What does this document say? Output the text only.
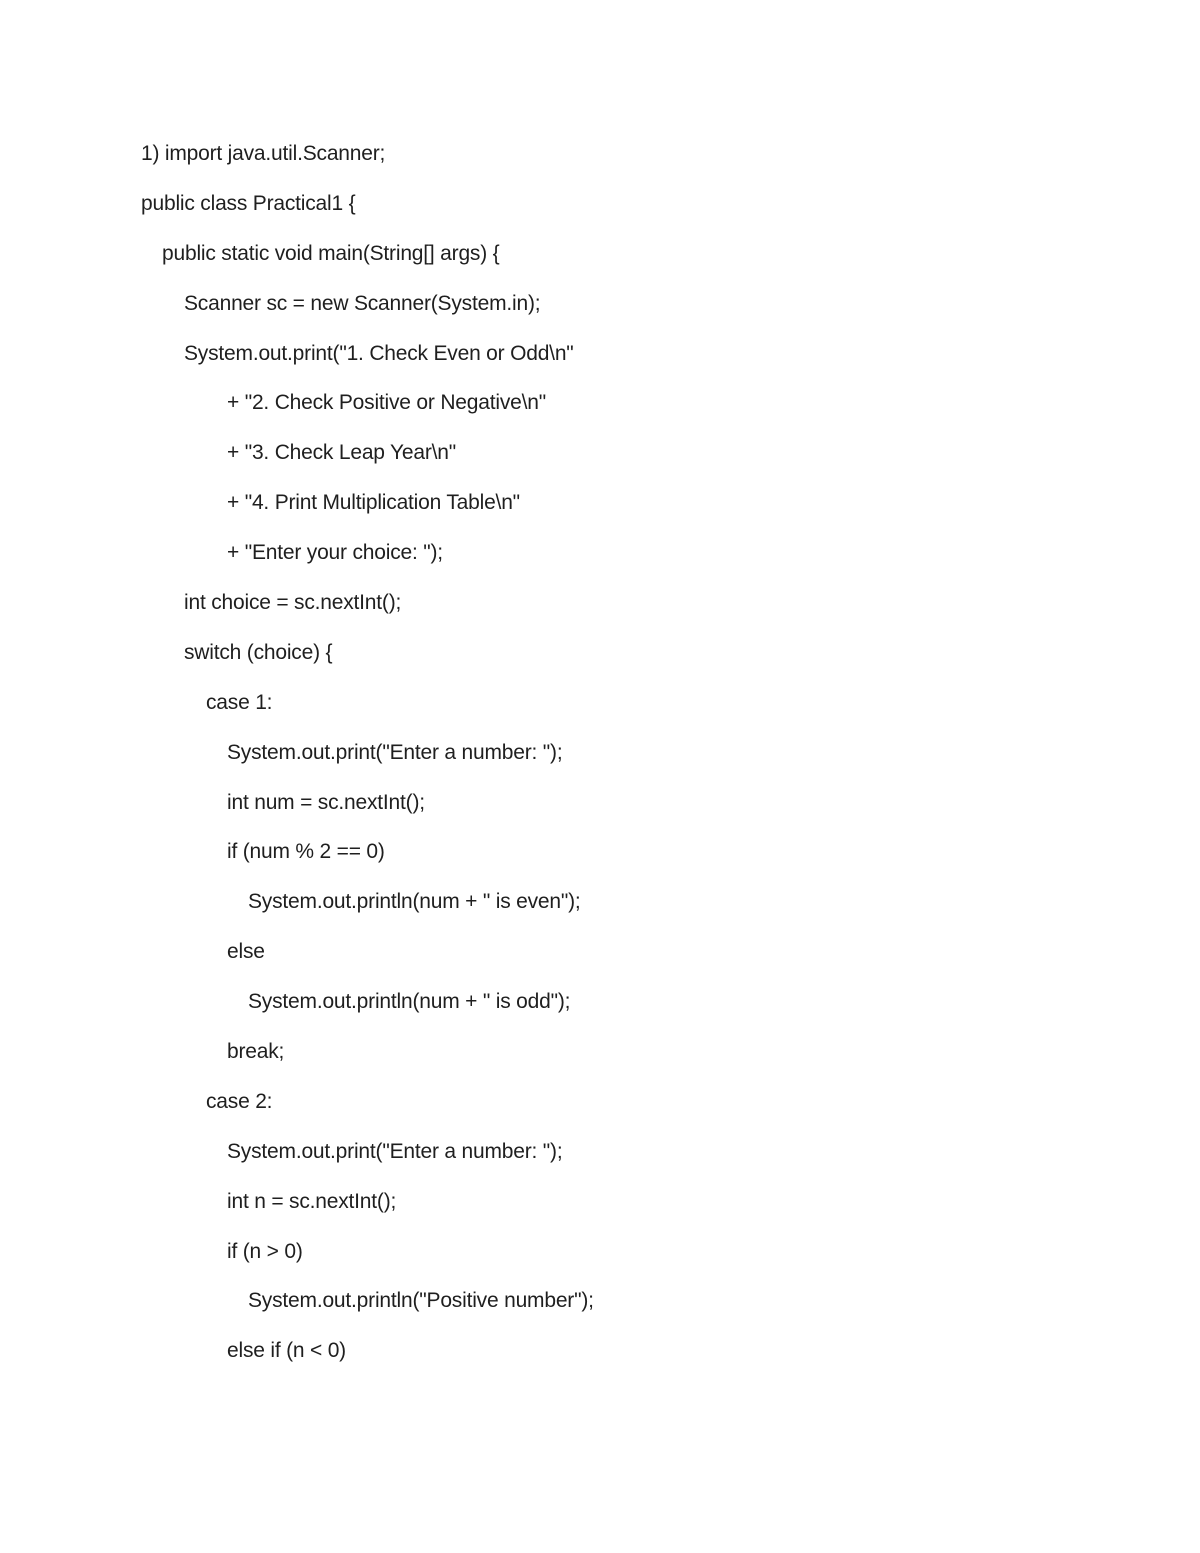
1) import java.util.Scanner;
public class Practical1 {
public static void main(String[] args) {
Scanner sc = new Scanner(System.in);
System.out.print("1. Check Even or Odd\n"
+ "2. Check Positive or Negative\n"
+ "3. Check Leap Year\n"
+ "4. Print Multiplication Table\n"
+ "Enter your choice: ");
int choice = sc.nextInt();
switch (choice) {
case 1:
System.out.print("Enter a number: ");
int num = sc.nextInt();
if (num % 2 == 0)
System.out.println(num + " is even");
else
System.out.println(num + " is odd");
break;
case 2:
System.out.print("Enter a number: ");
int n = sc.nextInt();
if (n > 0)
System.out.println("Positive number");
else if (n < 0)
